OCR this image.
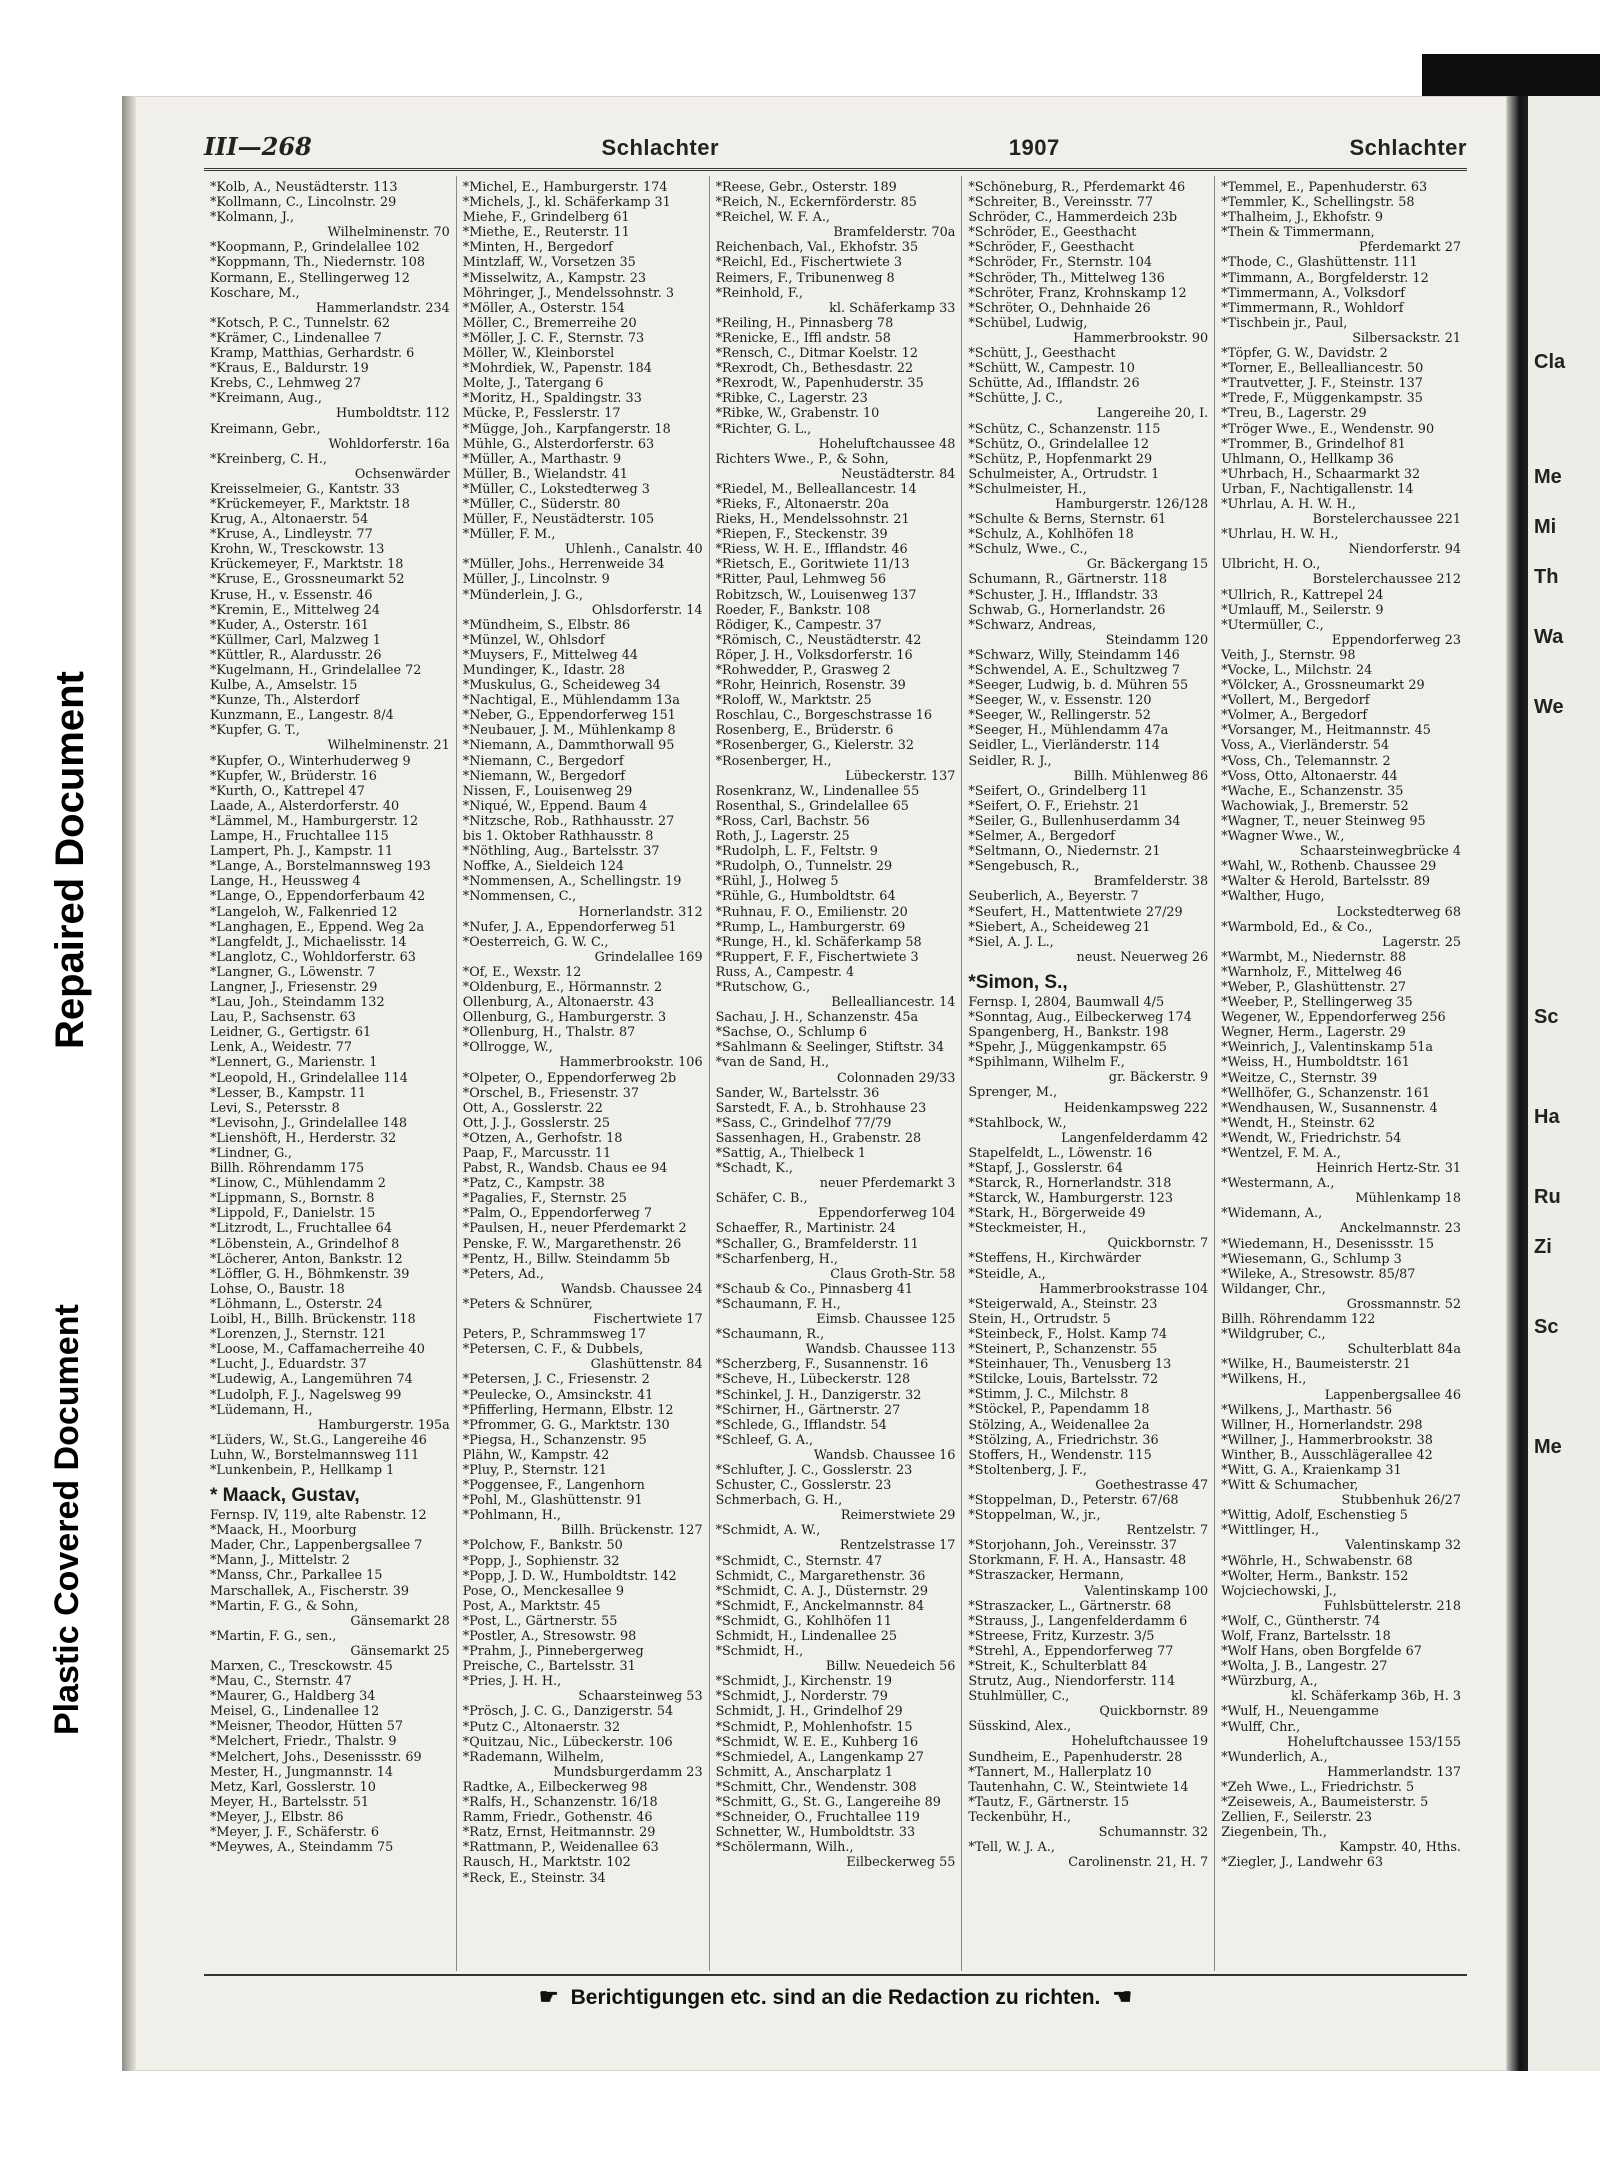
Repaired Document
Plastic Covered Document
III—268	Schlachter	1907	Schlachter
*Kolb, A., Neustädterstr. 113
*Kollmann, C., Lincolnstr. 29
*Kolmann, J.,
Wilhelminenstr. 70
*Koopmann, P., Grindelallee 102
*Koppmann, Th., Niedernstr. 108
Kormann, E., Stellingerweg 12
Koschare, M.,
Hammerlandstr. 234
*Kotsch, P. C., Tunnelstr. 62
*Krämer, C., Lindenallee 7
Kramp, Matthias, Gerhardstr. 6
*Kraus, E., Baldurstr. 19
Krebs, C., Lehmweg 27
*Kreimann, Aug.,
Humboldtstr. 112
Kreimann, Gebr.,
Wohldorferstr. 16a
*Kreinberg, C. H.,
Ochsenwärder
Kreisselmeier, G., Kantstr. 33
*Krückemeyer, F., Marktstr. 18
Krug, A., Altonaerstr. 54
*Kruse, A., Lindleystr. 77
Krohn, W., Tresckowstr. 13
Krückemeyer, F., Marktstr. 18
*Kruse, E., Grossneumarkt 52
Kruse, H., v. Essenstr. 46
*Kremin, E., Mittelweg 24
*Kuder, A., Osterstr. 161
*Küllmer, Carl, Malzweg 1
*Küttler, R., Alardusstr. 26
*Kugelmann, H., Grindelallee 72
Kulbe, A., Amselstr. 15
*Kunze, Th., Alsterdorf
Kunzmann, E., Langestr. 8/4
*Kupfer, G. T.,
Wilhelminenstr. 21
*Kupfer, O., Winterhuderweg 9
*Kupfer, W., Brüderstr. 16
*Kurth, O., Kattrepel 47
Laade, A., Alsterdorferstr. 40
*Lämmel, M., Hamburgerstr. 12
Lampe, H., Fruchtallee 115
Lampert, Ph. J., Kampstr. 11
*Lange, A., Borstelmannsweg 193
Lange, H., Heussweg 4
*Lange, O., Eppendorferbaum 42
*Langeloh, W., Falkenried 12
*Langhagen, E., Eppend. Weg 2a
*Langfeldt, J., Michaelisstr. 14
*Langlotz, C., Wohldorferstr. 63
*Langner, G., Löwenstr. 7
Langner, J., Friesenstr. 29
*Lau, Joh., Steindamm 132
Lau, P., Sachsenstr. 63
Leidner, G., Gertigstr. 61
Lenk, A., Weidestr. 77
*Lennert, G., Marienstr. 1
*Leopold, H., Grindelallee 114
*Lesser, B., Kampstr. 11
Levi, S., Petersstr. 8
*Levisohn, J., Grindelallee 148
*Lienshöft, H., Herderstr. 32
*Lindner, G.,
Billh. Röhrendamm 175
*Linow, C., Mühlendamm 2
*Lippmann, S., Bornstr. 8
*Lippold, F., Danielstr. 15
*Litzrodt, L., Fruchtallee 64
*Löbenstein, A., Grindelhof 8
*Löcherer, Anton, Bankstr. 12
*Löffler, G. H., Böhmkenstr. 39
Lohse, O., Baustr. 18
*Löhmann, L., Osterstr. 24
Loibl, H., Billh. Brückenstr. 118
*Lorenzen, J., Sternstr. 121
*Loose, M., Caffamacherreihe 40
*Lucht, J., Eduardstr. 37
*Ludewig, A., Langemühren 74
*Ludolph, F. J., Nagelsweg 99
*Lüdemann, H.,
Hamburgerstr. 195a
*Lüders, W., St.G., Langereihe 46
Luhn, W., Borstelmannsweg 111
*Lunkenbein, P., Hellkamp 1
* Maack, Gustav,
Fernsp. IV, 119, alte Rabenstr. 12
*Maack, H., Moorburg
Mader, Chr., Lappenbergsallee 7
*Mann, J., Mittelstr. 2
*Manss, Chr., Parkallee 15
Marschallek, A., Fischerstr. 39
*Martin, F. G., & Sohn,
Gänsemarkt 28
*Martin, F. G., sen.,
Gänsemarkt 25
Marxen, C., Tresckowstr. 45
*Mau, C., Sternstr. 47
*Maurer, G., Haldberg 34
Meisel, G., Lindenallee 12
*Meisner, Theodor, Hütten 57
*Melchert, Friedr., Thalstr. 9
*Melchert, Johs., Desenissstr. 69
Mester, H., Jungmannstr. 14
Metz, Karl, Gosslerstr. 10
Meyer, H., Bartelsstr. 51
*Meyer, J., Elbstr. 86
*Meyer, J. F., Schäferstr. 6
*Meywes, A., Steindamm 75
*Michel, E., Hamburgerstr. 174
*Michels, J., kl. Schäferkamp 31
Miehe, F., Grindelberg 61
*Miethe, E., Reuterstr. 11
*Minten, H., Bergedorf
Mintzlaff, W., Vorsetzen 35
*Misselwitz, A., Kampstr. 23
Möhringer, J., Mendelssohnstr. 3
*Möller, A., Osterstr. 154
Möller, C., Bremerreihe 20
*Möller, J. C. F., Sternstr. 73
Möller, W., Kleinborstel
*Mohrdiek, W., Papenstr. 184
Molte, J., Tatergang 6
*Moritz, H., Spaldingstr. 33
Mücke, P., Fesslerstr. 17
*Mügge, Joh., Karpfangerstr. 18
Mühle, G., Alsterdorferstr. 63
*Müller, A., Marthastr. 9
Müller, B., Wielandstr. 41
*Müller, C., Lokstedterweg 3
*Müller, C., Süderstr. 80
Müller, F., Neustädterstr. 105
*Müller, F. M.,
Uhlenh., Canalstr. 40
*Müller, Johs., Herrenweide 34
Müller, J., Lincolnstr. 9
*Münderlein, J. G.,
Ohlsdorferstr. 14
*Mündheim, S., Elbstr. 86
*Münzel, W., Ohlsdorf
*Muysers, F., Mittelweg 44
Mundinger, K., Idastr. 28
*Muskulus, G., Scheideweg 34
*Nachtigal, E., Mühlendamm 13a
*Neber, G., Eppendorferweg 151
*Neubauer, J. M., Mühlenkamp 8
*Niemann, A., Dammthorwall 95
*Niemann, C., Bergedorf
*Niemann, W., Bergedorf
Nissen, F., Louisenweg 29
*Niqué, W., Eppend. Baum 4
*Nitzsche, Rob., Rathhausstr. 27
bis 1. Oktober Rathhausstr. 8
*Nöthling, Aug., Bartelsstr. 37
Noffke, A., Sieldeich 124
*Nommensen, A., Schellingstr. 19
*Nommensen, C.,
Hornerlandstr. 312
*Nufer, J. A., Eppendorferweg 51
*Oesterreich, G. W. C.,
Grindelallee 169
*Of, E., Wexstr. 12
*Oldenburg, E., Hörmannstr. 2
Ollenburg, A., Altonaerstr. 43
Ollenburg, G., Hamburgerstr. 3
*Ollenburg, H., Thalstr. 87
*Ollrogge, W.,
Hammerbrookstr. 106
*Olpeter, O., Eppendorferweg 2b
*Orschel, B., Friesenstr. 37
Ott, A., Gosslerstr. 22
Ott, J. J., Gosslerstr. 25
*Otzen, A., Gerhofstr. 18
Paap, F., Marcusstr. 11
Pabst, R., Wandsb. Chaus ee 94
*Patz, C., Kampstr. 38
*Pagalies, F., Sternstr. 25
*Palm, O., Eppendorferweg 7
*Paulsen, H., neuer Pferdemarkt 2
Penske, F. W., Margarethenstr. 26
*Pentz, H., Billw. Steindamm 5b
*Peters, Ad.,
Wandsb. Chaussee 24
*Peters & Schnürer,
Fischertwiete 17
Peters, P., Schrammsweg 17
*Petersen, C. F., & Dubbels,
Glashüttenstr. 84
*Petersen, J. C., Friesenstr. 2
*Peulecke, O., Amsinckstr. 41
*Pfifferling, Hermann, Elbstr. 12
*Pfrommer, G. G., Marktstr. 130
*Piegsa, H., Schanzenstr. 95
Plähn, W., Kampstr. 42
*Pluy, P., Sternstr. 121
*Poggensee, F., Langenhorn
*Pohl, M., Glashüttenstr. 91
*Pohlmann, H.,
Billh. Brückenstr. 127
*Polchow, F., Bankstr. 50
*Popp, J., Sophienstr. 32
*Popp, J. D. W., Humboldtstr. 142
Pose, O., Menckesallee 9
Post, A., Marktstr. 45
*Post, L., Gärtnerstr. 55
*Postler, A., Stresowstr. 98
*Prahm, J., Pinnebergerweg
Preische, C., Bartelsstr. 31
*Pries, J. H. H.,
Schaarsteinweg 53
*Prösch, J. C. G., Danzigerstr. 54
*Putz C., Altonaerstr. 32
*Quitzau, Nic., Lübeckerstr. 106
*Rademann, Wilhelm,
Mundsburgerdamm 23
Radtke, A., Eilbeckerweg 98
*Ralfs, H., Schanzenstr. 16/18
Ramm, Friedr., Gothenstr. 46
*Ratz, Ernst, Heitmannstr. 29
*Rattmann, P., Weidenallee 63
Rausch, H., Marktstr. 102
*Reck, E., Steinstr. 34
*Reese, Gebr., Osterstr. 189
*Reich, N., Eckernförderstr. 85
*Reichel, W. F. A.,
Bramfelderstr. 70a
Reichenbach, Val., Ekhofstr. 35
*Reichl, Ed., Fischertwiete 3
Reimers, F., Tribunenweg 8
*Reinhold, F.,
kl. Schäferkamp 33
*Reiling, H., Pinnasberg 78
*Renicke, E., Iffl andstr. 58
*Rensch, C., Ditmar Koelstr. 12
*Rexrodt, Ch., Bethesdastr. 22
*Rexrodt, W., Papenhuderstr. 35
*Ribke, C., Lagerstr. 23
*Ribke, W., Grabenstr. 10
*Richter, G. L.,
Hoheluftchaussee 48
Richters Wwe., P., & Sohn,
Neustädterstr. 84
*Riedel, M., Belleallancestr. 14
*Rieks, F., Altonaerstr. 20a
Rieks, H., Mendelssohnstr. 21
*Riepen, F., Steckenstr. 39
*Riess, W. H. E., Ifflandstr. 46
*Rietsch, E., Goritwiete 11/13
*Ritter, Paul, Lehmweg 56
Robitzsch, W., Louisenweg 137
Roeder, F., Bankstr. 108
Rödiger, K., Campestr. 37
*Römisch, C., Neustädterstr. 42
Röper, J. H., Volksdorferstr. 16
*Rohwedder, P., Grasweg 2
*Rohr, Heinrich, Rosenstr. 39
*Roloff, W., Marktstr. 25
Roschlau, C., Borgeschstrasse 16
Rosenberg, E., Brüderstr. 6
*Rosenberger, G., Kielerstr. 32
*Rosenberger, H.,
Lübeckerstr. 137
Rosenkranz, W., Lindenallee 55
Rosenthal, S., Grindelallee 65
*Ross, Carl, Bachstr. 56
Roth, J., Lagerstr. 25
*Rudolph, L. F., Feltstr. 9
*Rudolph, O., Tunnelstr. 29
*Rühl, J., Holweg 5
*Rühle, G., Humboldtstr. 64
*Ruhnau, F. O., Emilienstr. 20
*Rump, L., Hamburgerstr. 69
*Runge, H., kl. Schäferkamp 58
*Ruppert, F. F., Fischertwiete 3
Russ, A., Campestr. 4
*Rutschow, G.,
Bellealliancestr. 14
Sachau, J. H., Schanzenstr. 45a
*Sachse, O., Schlump 6
*Sahlmann & Seelinger, Stiftstr. 34
*van de Sand, H.,
Colonnaden 29/33
Sander, W., Bartelsstr. 36
Sarstedt, F. A., b. Strohhause 23
*Sass, C., Grindelhof 77/79
Sassenhagen, H., Grabenstr. 28
*Sattig, A., Thielbeck 1
*Schadt, K.,
neuer Pferdemarkt 3
Schäfer, C. B.,
Eppendorferweg 104
Schaeffer, R., Martinistr. 24
*Schaller, G., Bramfelderstr. 11
*Scharfenberg, H.,
Claus Groth-Str. 58
*Schaub & Co., Pinnasberg 41
*Schaumann, F. H.,
Eimsb. Chaussee 125
*Schaumann, R.,
Wandsb. Chaussee 113
*Scherzberg, F., Susannenstr. 16
*Scheve, H., Lübeckerstr. 128
*Schinkel, J. H., Danzigerstr. 32
*Schirner, H., Gärtnerstr. 27
*Schlede, G., Ifflandstr. 54
*Schleef, G. A.,
Wandsb. Chaussee 16
*Schlufter, J. C., Gosslerstr. 23
Schuster, C., Gosslerstr. 23
Schmerbach, G. H.,
Reimerstwiete 29
*Schmidt, A. W.,
Rentzelstrasse 17
*Schmidt, C., Sternstr. 47
Schmidt, C., Margarethenstr. 36
*Schmidt, C. A. J., Düsternstr. 29
*Schmidt, F., Anckelmannstr. 84
*Schmidt, G., Kohlhöfen 11
Schmidt, H., Lindenallee 25
*Schmidt, H.,
Billw. Neuedeich 56
*Schmidt, J., Kirchenstr. 19
*Schmidt, J., Norderstr. 79
Schmidt, J. H., Grindelhof 29
*Schmidt, P., Mohlenhofstr. 15
*Schmidt, W. E. E., Kuhberg 16
*Schmiedel, A., Langenkamp 27
Schmitt, A., Anscharplatz 1
*Schmitt, Chr., Wendenstr. 308
*Schmitt, G., St. G., Langereihe 89
*Schneider, O., Fruchtallee 119
Schnetter, W., Humboldtstr. 33
*Schölermann, Wilh.,
Eilbeckerweg 55
*Schöneburg, R., Pferdemarkt 46
*Schreiter, B., Vereinsstr. 77
Schröder, C., Hammerdeich 23b
*Schröder, E., Geesthacht
*Schröder, F., Geesthacht
*Schröder, Fr., Sternstr. 104
*Schröder, Th., Mittelweg 136
*Schröter, Franz, Krohnskamp 12
*Schröter, O., Dehnhaide 26
*Schübel, Ludwig,
Hammerbrookstr. 90
*Schütt, J., Geesthacht
*Schütt, W., Campestr. 10
Schütte, Ad., Ifflandstr. 26
*Schütte, J. C.,
Langereihe 20, I.
*Schütz, C., Schanzenstr. 115
*Schütz, O., Grindelallee 12
*Schütz, P., Hopfenmarkt 29
Schulmeister, A., Ortrudstr. 1
*Schulmeister, H.,
Hamburgerstr. 126/128
*Schulte & Berns, Sternstr. 61
*Schulz, A., Kohlhöfen 18
*Schulz, Wwe., C.,
Gr. Bäckergang 15
Schumann, R., Gärtnerstr. 118
*Schuster, J. H., Ifflandstr. 33
Schwab, G., Hornerlandstr. 26
*Schwarz, Andreas,
Steindamm 120
*Schwarz, Willy, Steindamm 146
*Schwendel, A. E., Schultzweg 7
*Seeger, Ludwig, b. d. Mühren 55
*Seeger, W., v. Essenstr. 120
*Seeger, W., Rellingerstr. 52
*Seeger, H., Mühlendamm 47a
Seidler, L., Vierländerstr. 114
Seidler, R. J.,
Billh. Mühlenweg 86
*Seifert, O., Grindelberg 11
*Seifert, O. F., Eriehstr. 21
*Seiler, G., Bullenhuserdamm 34
*Selmer, A., Bergedorf
*Seltmann, O., Niedernstr. 21
*Sengebusch, R.,
Bramfelderstr. 38
Seuberlich, A., Beyerstr. 7
*Seufert, H., Mattentwiete 27/29
*Siebert, A., Scheideweg 21
*Siel, A. J. L.,
neust. Neuerweg 26
*Simon, S.,
Fernsp. I, 2804, Baumwall 4/5
*Sonntag, Aug., Eilbeckerweg 174
Spangenberg, H., Bankstr. 198
*Spehr, J., Müggenkampstr. 65
*Spihlmann, Wilhelm F.,
gr. Bäckerstr. 9
Sprenger, M.,
Heidenkampsweg 222
*Stahlbock, W.,
Langenfelderdamm 42
Stapelfeldt, L., Löwenstr. 16
*Stapf, J., Gosslerstr. 64
*Starck, R., Hornerlandstr. 318
*Starck, W., Hamburgerstr. 123
*Stark, H., Börgerweide 49
*Steckmeister, H.,
Quickbornstr. 7
*Steffens, H., Kirchwärder
*Steidle, A.,
Hammerbrookstrasse 104
*Steigerwald, A., Steinstr. 23
Stein, H., Ortrudstr. 5
*Steinbeck, F., Holst. Kamp 74
*Steinert, P., Schanzenstr. 55
*Steinhauer, Th., Venusberg 13
*Stilcke, Louis, Bartelsstr. 72
*Stimm, J. C., Milchstr. 8
*Stöckel, P., Papendamm 18
Stölzing, A., Weidenallee 2a
*Stölzing, A., Friedrichstr. 36
Stoffers, H., Wendenstr. 115
*Stoltenberg, J. F.,
Goethestrasse 47
*Stoppelman, D., Peterstr. 67/68
*Stoppelman, W., jr.,
Rentzelstr. 7
*Storjohann, Joh., Vereinsstr. 37
Storkmann, F. H. A., Hansastr. 48
*Straszacker, Hermann,
Valentinskamp 100
*Straszacker, L., Gärtnerstr. 68
*Strauss, J., Langenfelderdamm 6
*Streese, Fritz, Kurzestr. 3/5
*Strehl, A., Eppendorferweg 77
*Streit, K., Schulterblatt 84
Strutz, Aug., Niendorferstr. 114
Stuhlmüller, C.,
Quickbornstr. 89
Süsskind, Alex.,
Hoheluftchaussee 19
Sundheim, E., Papenhuderstr. 28
*Tannert, M., Hallerplatz 10
Tautenhahn, C. W., Steintwiete 14
*Tautz, F., Gärtnerstr. 15
Teckenbühr, H.,
Schumannstr. 32
*Tell, W. J. A.,
Carolinenstr. 21, H. 7
*Temmel, E., Papenhuderstr. 63
*Temmler, K., Schellingstr. 58
*Thalheim, J., Ekhofstr. 9
*Thein & Timmermann,
Pferdemarkt 27
*Thode, C., Glashüttenstr. 111
*Timmann, A., Borgfelderstr. 12
*Timmermann, A., Volksdorf
*Timmermann, R., Wohldorf
*Tischbein jr., Paul,
Silbersackstr. 21
*Töpfer, G. W., Davidstr. 2
*Torner, E., Bellealliancestr. 50
*Trautvetter, J. F., Steinstr. 137
*Trede, F., Müggenkampstr. 35
*Treu, B., Lagerstr. 29
*Tröger Wwe., E., Wendenstr. 90
*Trommer, B., Grindelhof 81
Uhlmann, O., Hellkamp 36
*Uhrbach, H., Schaarmarkt 32
Urban, F., Nachtigallenstr. 14
*Uhrlau, A. H. W. H.,
Borstelerchaussee 221
*Uhrlau, H. W. H.,
Niendorferstr. 94
Ulbricht, H. O.,
Borstelerchaussee 212
*Ullrich, R., Kattrepel 24
*Umlauff, M., Seilerstr. 9
*Utermüller, C.,
Eppendorferweg 23
Veith, J., Sternstr. 98
*Vocke, L., Milchstr. 24
*Völcker, A., Grossneumarkt 29
*Vollert, M., Bergedorf
*Volmer, A., Bergedorf
*Vorsanger, M., Heitmannstr. 45
Voss, A., Vierländerstr. 54
*Voss, Ch., Telemannstr. 2
*Voss, Otto, Altonaerstr. 44
*Wache, E., Schanzenstr. 35
Wachowiak, J., Bremerstr. 52
*Wagner, T., neuer Steinweg 95
*Wagner Wwe., W.,
Schaarsteinwegbrücke 4
*Wahl, W., Rothenb. Chaussee 29
*Walter & Herold, Bartelsstr. 89
*Walther, Hugo,
Lockstedterweg 68
*Warmbold, Ed., & Co.,
Lagerstr. 25
*Warmbt, M., Niedernstr. 88
*Warnholz, F., Mittelweg 46
*Weber, P., Glashüttenstr. 27
*Weeber, P., Stellingerweg 35
Wegener, W., Eppendorferweg 256
Wegner, Herm., Lagerstr. 29
*Weinrich, J., Valentinskamp 51a
*Weiss, H., Humboldtstr. 161
*Weitze, C., Sternstr. 39
*Wellhöfer, G., Schanzenstr. 161
*Wendhausen, W., Susannenstr. 4
*Wendt, H., Steinstr. 62
*Wendt, W., Friedrichstr. 54
*Wentzel, F. M. A.,
Heinrich Hertz-Str. 31
*Westermann, A.,
Mühlenkamp 18
*Widemann, A.,
Anckelmannstr. 23
*Wiedemann, H., Desenissstr. 15
*Wiesemann, G., Schlump 3
*Wileke, A., Stresowstr. 85/87
Wildanger, Chr.,
Grossmannstr. 52
Billh. Röhrendamm 122
*Wildgruber, C.,
Schulterblatt 84a
*Wilke, H., Baumeisterstr. 21
*Wilkens, H.,
Lappenbergsallee 46
*Wilkens, J., Marthastr. 56
Willner, H., Hornerlandstr. 298
*Willner, J., Hammerbrookstr. 38
Winther, B., Ausschlägerallee 42
*Witt, G. A., Kraienkamp 31
*Witt & Schumacher,
Stubbenhuk 26/27
*Wittig, Adolf, Eschenstieg 5
*Wittlinger, H.,
Valentinskamp 32
*Wöhrle, H., Schwabenstr. 68
*Wolter, Herm., Bankstr. 152
Wojciechowski, J.,
Fuhlsbüttelerstr. 218
*Wolf, C., Güntherstr. 74
Wolf, Franz, Bartelsstr. 18
*Wolf Hans, oben Borgfelde 67
*Wolta, J. B., Langestr. 27
*Würzburg, A.,
kl. Schäferkamp 36b, H. 3
*Wulf, H., Neuengamme
*Wulff, Chr.,
Hoheluftchaussee 153/155
*Wunderlich, A.,
Hammerlandstr. 137
*Zeh Wwe., L., Friedrichstr. 5
*Zeiseweis, A., Baumeisterstr. 5
Zellien, F., Seilerstr. 23
Ziegenbein, Th.,
Kampstr. 40, Hths.
*Ziegler, J., Landwehr 63
☛ Berichtigungen etc. sind an die Redaction zu richten. ☚
Cla
Me
Mi
Th
Wa
We
Sc
Ha
Ru
Zi
Sc
Me
